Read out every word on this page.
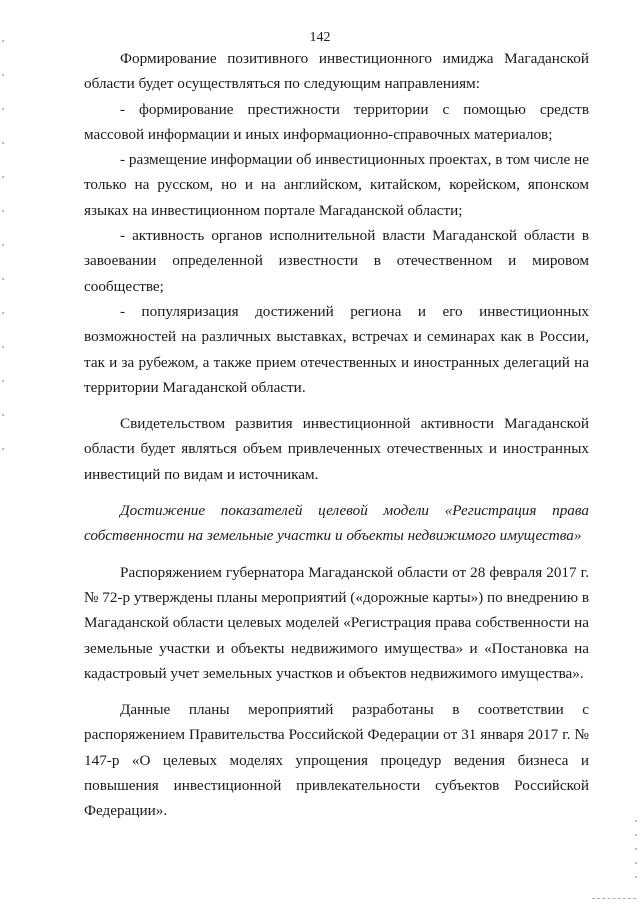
142

Формирование позитивного инвестиционного имиджа Магаданской области будет осуществляться по следующим направлениям:

- формирование престижности территории с помощью средств массовой информации и иных информационно-справочных материалов;

- размещение информации об инвестиционных проектах, в том числе не только на русском, но и на английском, китайском, корейском, японском языках на инвестиционном портале Магаданской области;

- активность органов исполнительной власти Магаданской области в завоевании определенной известности в отечественном и мировом сообществе;

- популяризация достижений региона и его инвестиционных возможностей на различных выставках, встречах и семинарах как в России, так и за рубежом, а также прием отечественных и иностранных делегаций на территории Магаданской области.

Свидетельством развития инвестиционной активности Магаданской области будет являться объем привлеченных отечественных и иностранных инвестиций по видам и источникам.

Достижение показателей целевой модели «Регистрация права собственности на земельные участки и объекты недвижимого имущества»

Распоряжением губернатора Магаданской области от 28 февраля 2017 г. № 72-р утверждены планы мероприятий («дорожные карты») по внедрению в Магаданской области целевых моделей «Регистрация права собственности на земельные участки и объекты недвижимого имущества» и «Постановка на кадастровый учет земельных участков и объектов недвижимого имущества».

Данные планы мероприятий разработаны в соответствии с распоряжением Правительства Российской Федерации от 31 января 2017 г. № 147-р «О целевых моделях упрощения процедур ведения бизнеса и повышения инвестиционной привлекательности субъектов Российской Федерации».
